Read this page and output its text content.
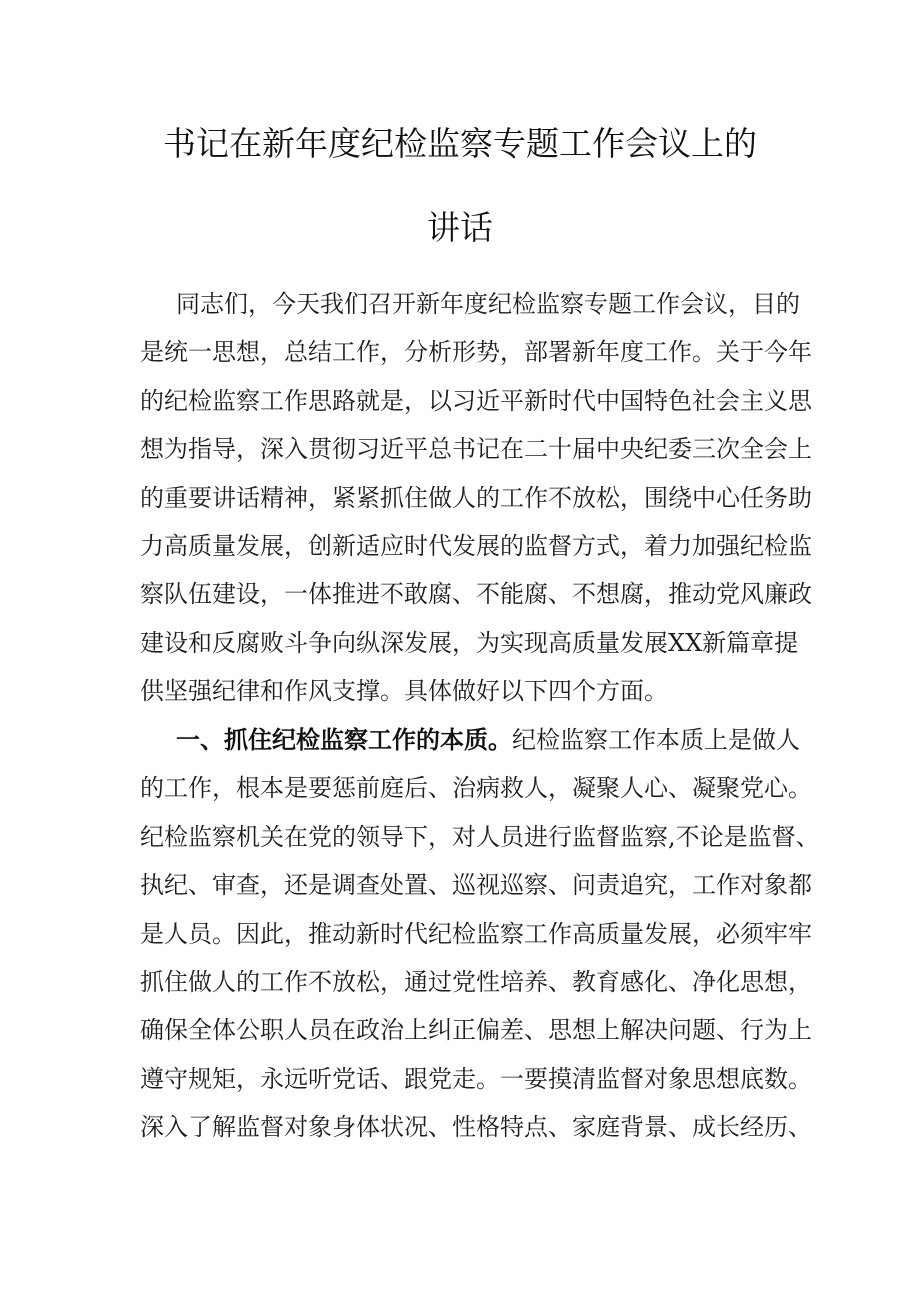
书记在新年度纪检监察专题工作会议上的
讲话
同志们，今天我们召开新年度纪检监察专题工作会议，目的
是统一思想，总结工作，分析形势，部署新年度工作。关于今年
的纪检监察工作思路就是，以习近平新时代中国特色社会主义思
想为指导，深入贯彻习近平总书记在二十届中央纪委三次全会上
的重要讲话精神，紧紧抓住做人的工作不放松，围绕中心任务助
力高质量发展，创新适应时代发展的监督方式，着力加强纪检监
察队伍建设，一体推进不敢腐、不能腐、不想腐，推动党风廉政
建设和反腐败斗争向纵深发展，为实现高质量发展XX新篇章提
供坚强纪律和作风支撑。具体做好以下四个方面。
一、抓住纪检监察工作的本质。纪检监察工作本质上是做人
的工作，根本是要惩前庭后、治病救人，凝聚人心、凝聚党心。
纪检监察机关在党的领导下，对人员进行监督监察,不论是监督、
执纪、审查，还是调查处置、巡视巡察、问责追究，工作对象都
是人员。因此，推动新时代纪检监察工作高质量发展，必须牢牢
抓住做人的工作不放松，通过党性培养、教育感化、净化思想，
确保全体公职人员在政治上纠正偏差、思想上解决问题、行为上
遵守规矩，永远听党话、跟党走。一要摸清监督对象思想底数。
深入了解监督对象身体状况、性格特点、家庭背景、成长经历、
